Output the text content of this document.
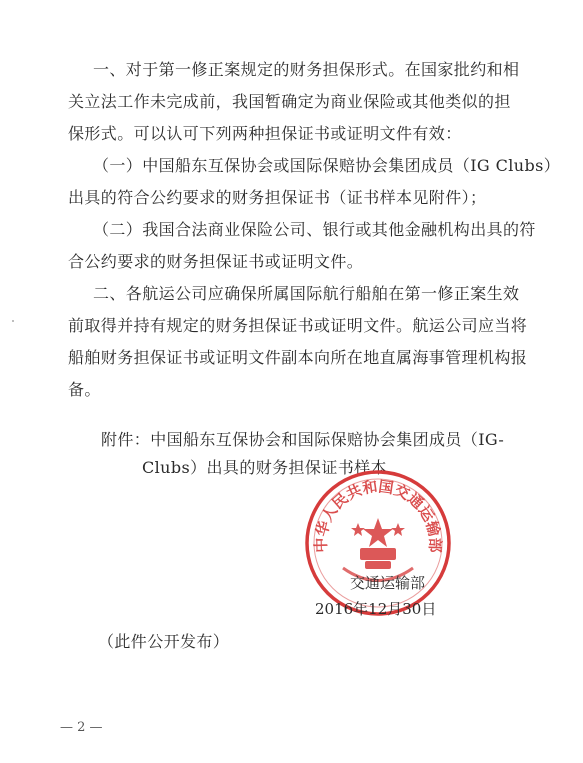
一、对于第一修正案规定的财务担保形式。在国家批约和相
关立法工作未完成前，我国暂确定为商业保险或其他类似的担
保形式。可以认可下列两种担保证书或证明文件有效：
（一）中国船东互保协会或国际保赔协会集团成员（IG Clubs）
出具的符合公约要求的财务担保证书（证书样本见附件）；
（二）我国合法商业保险公司、银行或其他金融机构出具的符
合公约要求的财务担保证书或证明文件。
二、各航运公司应确保所属国际航行船舶在第一修正案生效
前取得并持有规定的财务担保证书或证明文件。航运公司应当将
船舶财务担保证书或证明文件副本向所在地直属海事管理机构报
备。
附件：中国船东互保协会和国际保赔协会集团成员（IG-
Clubs）出具的财务担保证书样本
中华人民共和国交通运输部
交通运输部
2016年12月30日
（此件公开发布）
— 2 —
